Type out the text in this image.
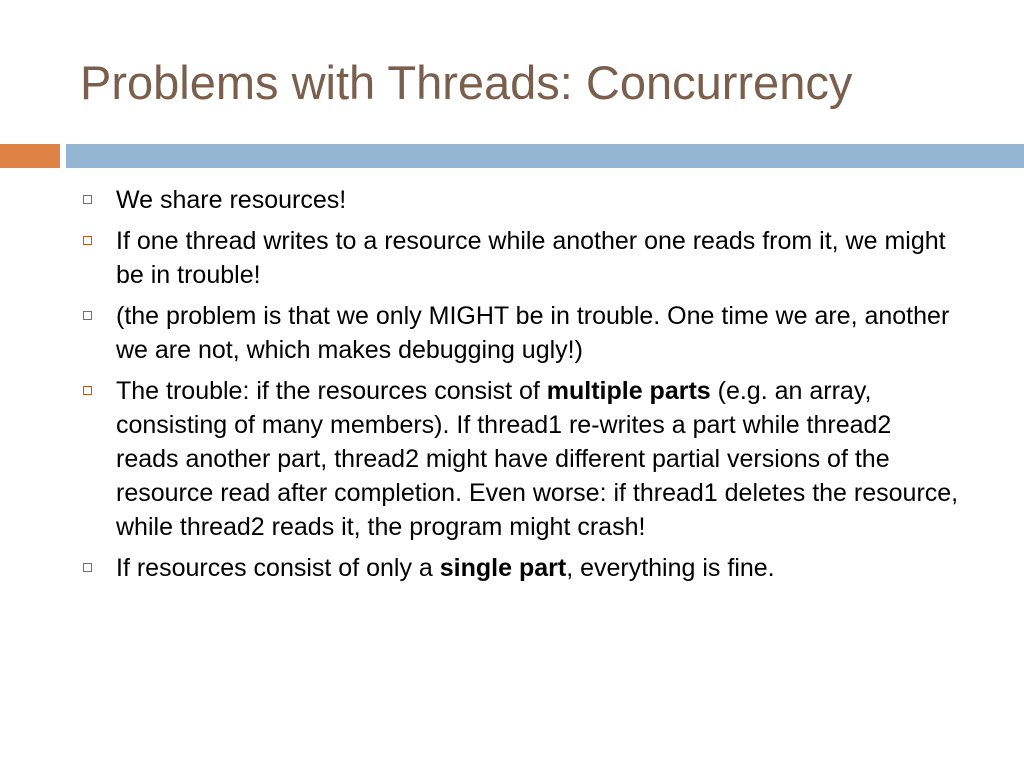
Problems with Threads: Concurrency
We share resources!
If one thread writes to a resource while another one reads from it, we might be in trouble!
(the problem is that we only MIGHT be in trouble. One time we are, another we are not, which makes debugging ugly!)
The trouble: if the resources consist of multiple parts (e.g. an array, consisting of many members). If thread1 re-writes a part while thread2 reads another part, thread2 might have different partial versions of the resource read after completion. Even worse: if thread1 deletes the resource, while thread2 reads it, the program might crash!
If resources consist of only a single part, everything is fine.
